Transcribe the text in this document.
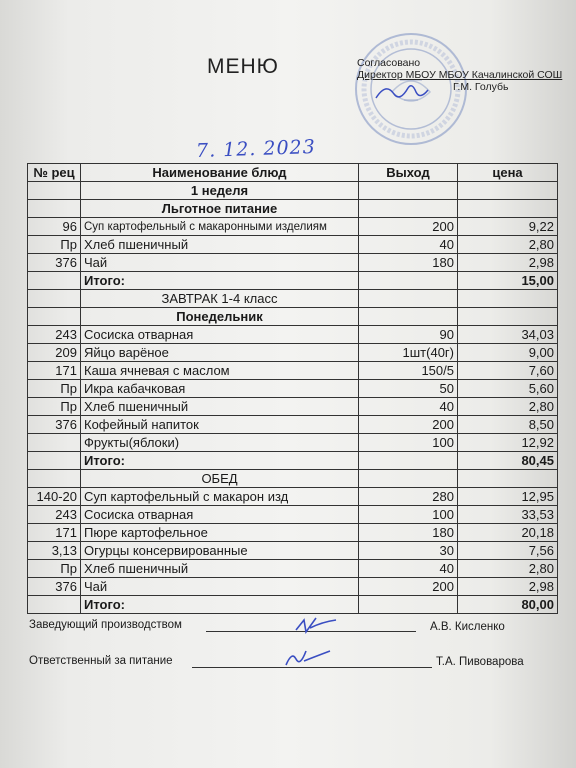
МЕНЮ	Согласовано
Директор МБОУ МБОУ Качалинской СОШ
Г.М. Голубь
7. 12. 2023
№ рец	Наименование блюд	Выход	цена
	1 неделя		
	Льготное питание		
96	Суп картофельный с макаронными изделиям	200	9,22
Пр	Хлеб пшеничный	40	2,80
376	Чай	180	2,98
	Итого:		15,00
	ЗАВТРАК 1-4 класс		
	Понедельник		
243	Сосиска отварная	90	34,03
209	Яйцо варёное	1шт(40г)	9,00
171	Каша ячневая с маслом	150/5	7,60
Пр	Икра кабачковая	50	5,60
Пр	Хлеб пшеничный	40	2,80
376	Кофейный напиток	200	8,50
	Фрукты(яблоки)	100	12,92
	Итого:		80,45
	ОБЕД		
140-20	Суп картофельный с макарон изд	280	12,95
243	Сосиска отварная	100	33,53
171	Пюре картофельное	180	20,18
3,13	Огурцы консервированные	30	7,56
Пр	Хлеб пшеничный	40	2,80
376	Чай	200	2,98
	Итого:		80,00
Заведующий производством	А.В. Кисленко
Ответственный за питание	Т.А. Пивоварова
